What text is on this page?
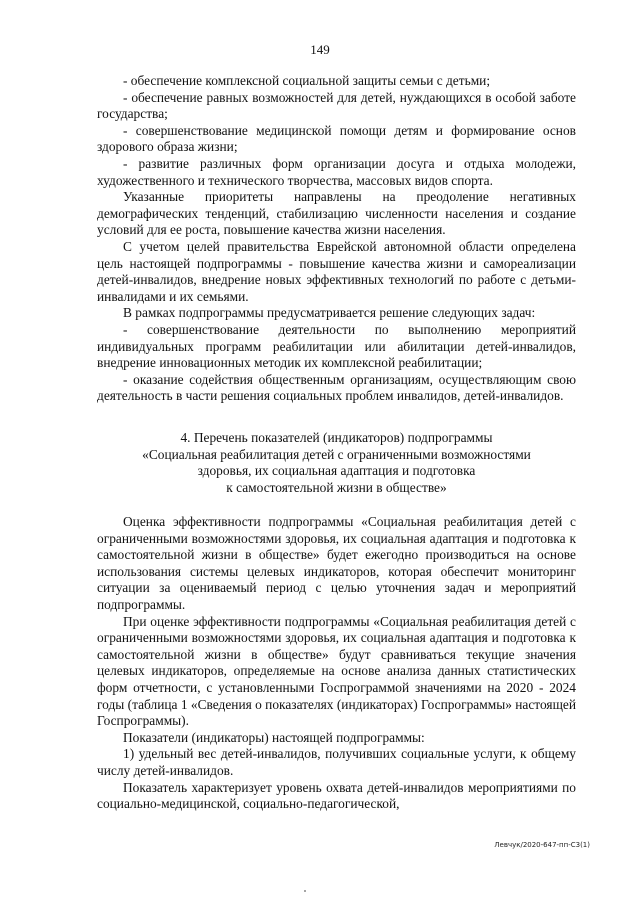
149

- обеспечение комплексной социальной защиты семьи с детьми;

- обеспечение равных возможностей для детей, нуждающихся в особой заботе государства;

- совершенствование медицинской помощи детям и формирование основ здорового образа жизни;

- развитие различных форм организации досуга и отдыха молодежи, художественного и технического творчества, массовых видов спорта.

Указанные приоритеты направлены на преодоление негативных демографических тенденций, стабилизацию численности населения и создание условий для ее роста, повышение качества жизни населения.

С учетом целей правительства Еврейской автономной области определена цель настоящей подпрограммы - повышение качества жизни и самореализации детей-инвалидов, внедрение новых эффективных технологий по работе с детьми-инвалидами и их семьями.

В рамках подпрограммы предусматривается решение следующих задач:

- совершенствование деятельности по выполнению мероприятий индивидуальных программ реабилитации или абилитации детей-инвалидов, внедрение инновационных методик их комплексной реабилитации;

- оказание содействия общественным организациям, осуществляющим свою деятельность в части решения социальных проблем инвалидов, детей-инвалидов.

4. Перечень показателей (индикаторов) подпрограммы
«Социальная реабилитация детей с ограниченными возможностями
здоровья, их социальная адаптация и подготовка
к самостоятельной жизни в обществе»

Оценка эффективности подпрограммы «Социальная реабилитация детей с ограниченными возможностями здоровья, их социальная адаптация и подготовка к самостоятельной жизни в обществе» будет ежегодно производиться на основе использования системы целевых индикаторов, которая обеспечит мониторинг ситуации за оцениваемый период с целью уточнения задач и мероприятий подпрограммы.

При оценке эффективности подпрограммы «Социальная реабилитация детей с ограниченными возможностями здоровья, их социальная адаптация и подготовка к самостоятельной жизни в обществе» будут сравниваться текущие значения целевых индикаторов, определяемые на основе анализа данных статистических форм отчетности, с установленными Госпрограммой значениями на 2020 - 2024 годы (таблица 1 «Сведения о показателях (индикаторах) Госпрограммы» настоящей Госпрограммы).

Показатели (индикаторы) настоящей подпрограммы:

1) удельный вес детей-инвалидов, получивших социальные услуги, к общему числу детей-инвалидов.

Показатель характеризует уровень охвата детей-инвалидов мероприятиями по социально-медицинской, социально-педагогической,

Левчук/2020-647-пп-С3(1)
